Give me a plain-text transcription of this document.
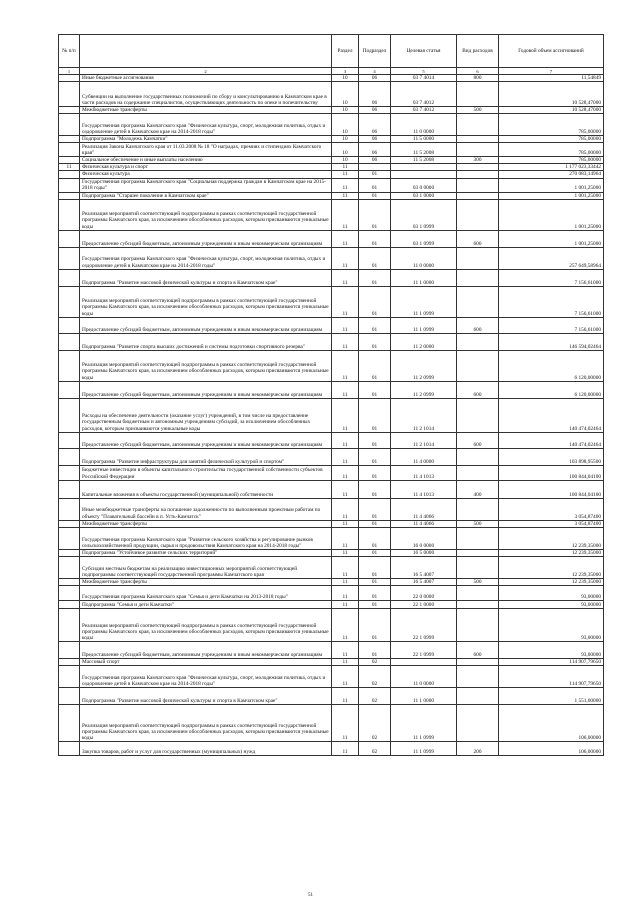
№ п/п		Раздел	Подраздел	Целевая статья	Вид расходов	Годовой объем ассигнований
1	2	3	4	5	6	7
	Иные бюджетные ассигнования	10	06	03 7 4014	800	11,54849
	Субвенции на выполнение государственных полномочий по сбору и консультированию в Камчатском крае в части расходов на содержание специалистов, осуществляющих деятельность по опеке и попечительству	10	06	03 7 4012		10 528,47000
	Межбюджетные трансферты	10	06	03 7 4012	500	10 528,47000
	Государственная программа Камчатского края "Физическая культура, спорт, молодежная политика, отдых и оздоровление детей в Камчатском крае на 2014-2018 годы"	10	06	11 0 0000		785,00000
	Подпрограмма "Молодежь Камчатки"	10	06	11 5 0000		785,00000
	Реализация Закона Камчатского края от 11.03.2008 № 18 "О наградах, премиях и стипендиях Камчатского края"	10	06	11 5 2008		785,00000
	Социальное обеспечение и иные выплаты населению	10	06	11 5 2008	300	785,00000
11	Физическая культура и спорт	11				1 177 023,33442
	Физическая культура	11	01			270 083,14964
	Государственная программа Камчатского края "Социальная поддержка граждан в Камчатском крае на 2015-2018 годы"	11	01	03 0 0000		1 001,25000
	Подпрограмма "Старшее поколение в Камчатском крае"	11	01	03 1 0000		1 001,25000
	Реализация мероприятий соответствующей подпрограммы в рамках соответствующей государственной программы Камчатского края, за исключением обособленных расходов, которым присваиваются уникальные коды	11	01	03 1 0999		1 001,25000
	Предоставление субсидий бюджетным, автономным учреждениям и иным некоммерческим организациям	11	01	03 1 0999	600	1 001,25000
	Государственная программа Камчатского края "Физическая культура, спорт, молодежная политика, отдых и оздоровление детей в Камчатском крае на 2014-2018 годы"	11	01	11 0 0000		257 649,58964
	Подпрограмма "Развитие массовой физической культуры и спорта в Камчатском крае"	11	01	11 1 0000		7 156,61000
	Реализация мероприятий соответствующей подпрограммы в рамках соответствующей государственной программы Камчатского края, за исключением обособленных расходов, которым присваиваются уникальные коды	11	01	11 1 0999		7 156,61000
	Предоставление субсидий бюджетным, автономным учреждениям и иным некоммерческим организациям	11	01	11 1 0999	600	7 156,61000
	Подпрограмма "Развитие спорта высших достижений и системы подготовки спортивного резерва"	11	01	11 2 0000		146 594,02464
	Реализация мероприятий соответствующей подпрограммы в рамках соответствующей государственной программы Камчатского края, за исключением обособленных расходов, которым присваиваются уникальные коды	11	01	11 2 0999		6 120,00000
	Предоставление субсидий бюджетным, автономным учреждениям и иным некоммерческим организациям	11	01	11 2 0999	600	6 120,00000
	Расходы на обеспечение деятельности (оказание услуг) учреждений, в том числе на предоставление государственным бюджетным и автономным учреждениям субсидий, за исключением обособленных расходов, которым присваиваются уникальные коды	11	01	11 2 1014		140 474,02464
	Предоставление субсидий бюджетным, автономным учреждениям и иным некоммерческим организациям	11	01	11 2 1014	600	140 474,02464
	Подпрограмма "Развитие инфраструктуры для занятий физической культурой и спортом"	11	01	11 4 0000		103 898,95500
	Бюджетные инвестиции в объекты капитального строительства государственной собственности субъектов Российской Федерации	11	01	11 4 1013		100 844,04100
	Капитальные вложения в объекты государственной (муниципальной) собственности	11	01	11 4 1013	400	100 844,04100
	Иные межбюджетные трансферты на погашение задолженности по выполненным проектным работам по объекту "Плавательный бассейн в п. Усть-Камчатск"	11	01	11 4 4066		3 054,87400
	Межбюджетные трансферты	11	01	11 4 4066	500	3 054,87400
	Государственная программа Камчатского края "Развитие сельского хозяйства и регулирование рынков сельскохозяйственной продукции, сырья и продовольствия Камчатского края на 2014-2018 годы"	11	01	16 0 0000		12 239,35000
	Подпрограмма "Устойчивое развитие сельских территорий"	11	01	16 5 0000		12 239,35000
	Субсидии местным бюджетам на реализацию инвестиционных мероприятий соответствующей подпрограммы соответствующей государственной программы Камчатского края	11	01	16 5 4007		12 239,35000
	Межбюджетные трансферты	11	01	16 5 4007	500	12 239,35000
	Государственная программа Камчатского края "Семья и дети Камчатки на 2013-2018 годы"	11	01	22 0 0000		93,00000
	Подпрограмма "Семья и дети Камчатки"	11	01	22 1 0000		93,00000
	Реализация мероприятий соответствующей подпрограммы в рамках соответствующей государственной программы Камчатского края, за исключением обособленных расходов, которым присваиваются уникальные коды	11	01	22 1 0999		93,00000
	Предоставление субсидий бюджетным, автономным учреждениям и иным некоммерческим организациям	11	01	22 1 0999	600	93,00000
	Массовый спорт	11	02			114 907,79650
	Государственная программа Камчатского края "Физическая культура, спорт, молодежная политика, отдых и оздоровление детей в Камчатском крае на 2014-2018 годы"	11	02	11 0 0000		114 907,79650
	Подпрограмма "Развитие массовой физической культуры и спорта в Камчатском крае"	11	02	11 1 0000		1 551,00000
	Реализация мероприятий соответствующей подпрограммы в рамках соответствующей государственной программы Камчатского края, за исключением обособленных расходов, которым присваиваются уникальные коды	11	02	11 1 0999		106,00000
	Закупка товаров, работ и услуг для государственных (муниципальных) нужд	11	02	11 1 0999	200	106,00000
51
